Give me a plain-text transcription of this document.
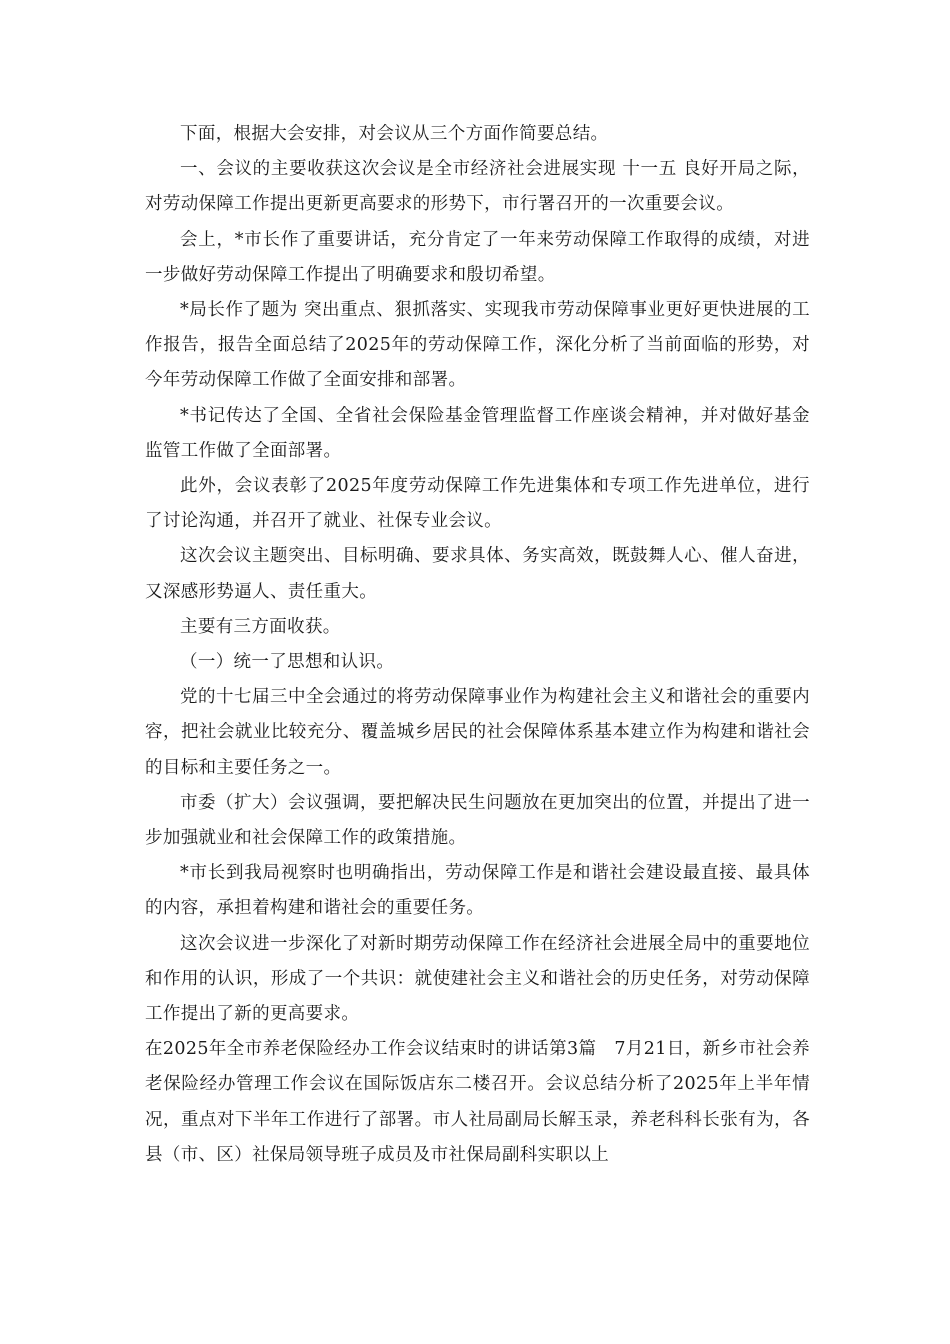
下面，根据大会安排，对会议从三个方面作简要总结。

一、会议的主要收获这次会议是全市经济社会进展实现 十一五 良好开局之际，对劳动保障工作提出更新更高要求的形势下，市行署召开的一次重要会议。

会上，*市长作了重要讲话，充分肯定了一年来劳动保障工作取得的成绩，对进一步做好劳动保障工作提出了明确要求和殷切希望。

*局长作了题为 突出重点、狠抓落实、实现我市劳动保障事业更好更快进展的工作报告，报告全面总结了2025年的劳动保障工作，深化分析了当前面临的形势，对今年劳动保障工作做了全面安排和部署。

*书记传达了全国、全省社会保险基金管理监督工作座谈会精神，并对做好基金监管工作做了全面部署。

此外，会议表彰了2025年度劳动保障工作先进集体和专项工作先进单位，进行了讨论沟通，并召开了就业、社保专业会议。

这次会议主题突出、目标明确、要求具体、务实高效，既鼓舞人心、催人奋进，又深感形势逼人、责任重大。

主要有三方面收获。

（一）统一了思想和认识。

党的十七届三中全会通过的将劳动保障事业作为构建社会主义和谐社会的重要内容，把社会就业比较充分、覆盖城乡居民的社会保障体系基本建立作为构建和谐社会的目标和主要任务之一。

市委（扩大）会议强调，要把解决民生问题放在更加突出的位置，并提出了进一步加强就业和社会保障工作的政策措施。

*市长到我局视察时也明确指出，劳动保障工作是和谐社会建设最直接、最具体的内容，承担着构建和谐社会的重要任务。

这次会议进一步深化了对新时期劳动保障工作在经济社会进展全局中的重要地位和作用的认识，形成了一个共识：就使建社会主义和谐社会的历史任务，对劳动保障工作提出了新的更高要求。

在2025年全市养老保险经办工作会议结束时的讲话第3篇　7月21日，新乡市社会养老保险经办管理工作会议在国际饭店东二楼召开。会议总结分析了2025年上半年情况，重点对下半年工作进行了部署。市人社局副局长解玉录，养老科科长张有为，各县（市、区）社保局领导班子成员及市社保局副科实职以上
